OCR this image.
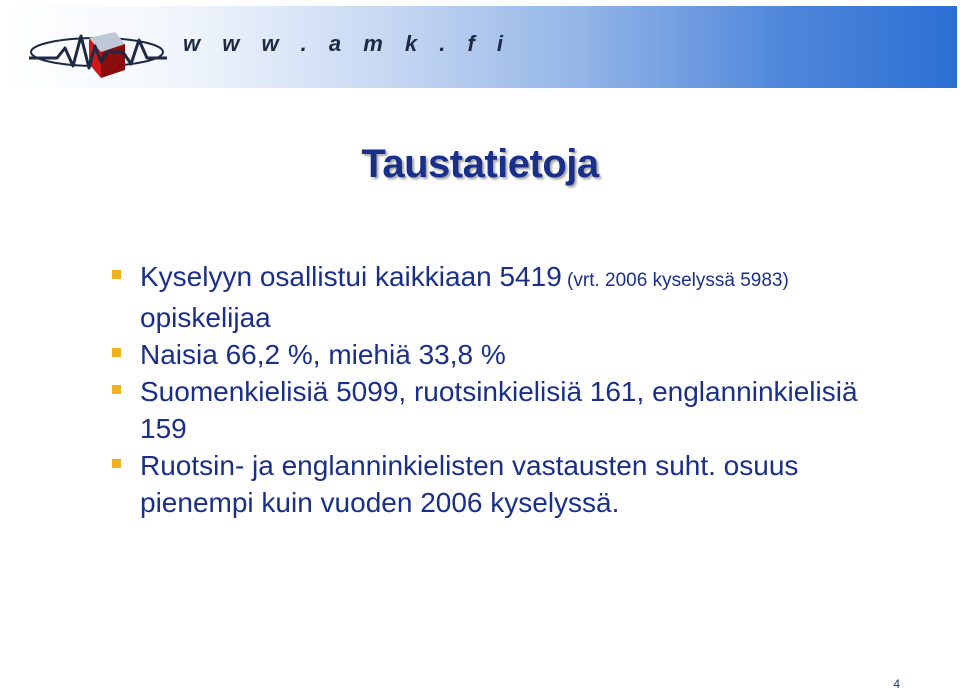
w w w . a m k . f i
Taustatietoja
Kyselyyn osallistui kaikkiaan 5419 (vrt. 2006 kyselyssä 5983) opiskelijaa
Naisia 66,2 %, miehiä 33,8 %
Suomenkielisiä 5099, ruotsinkielisiä 161, englanninkielisiä 159
Ruotsin- ja englanninkielisten vastausten suht. osuus pienempi kuin vuoden 2006 kyselyssä.
4
